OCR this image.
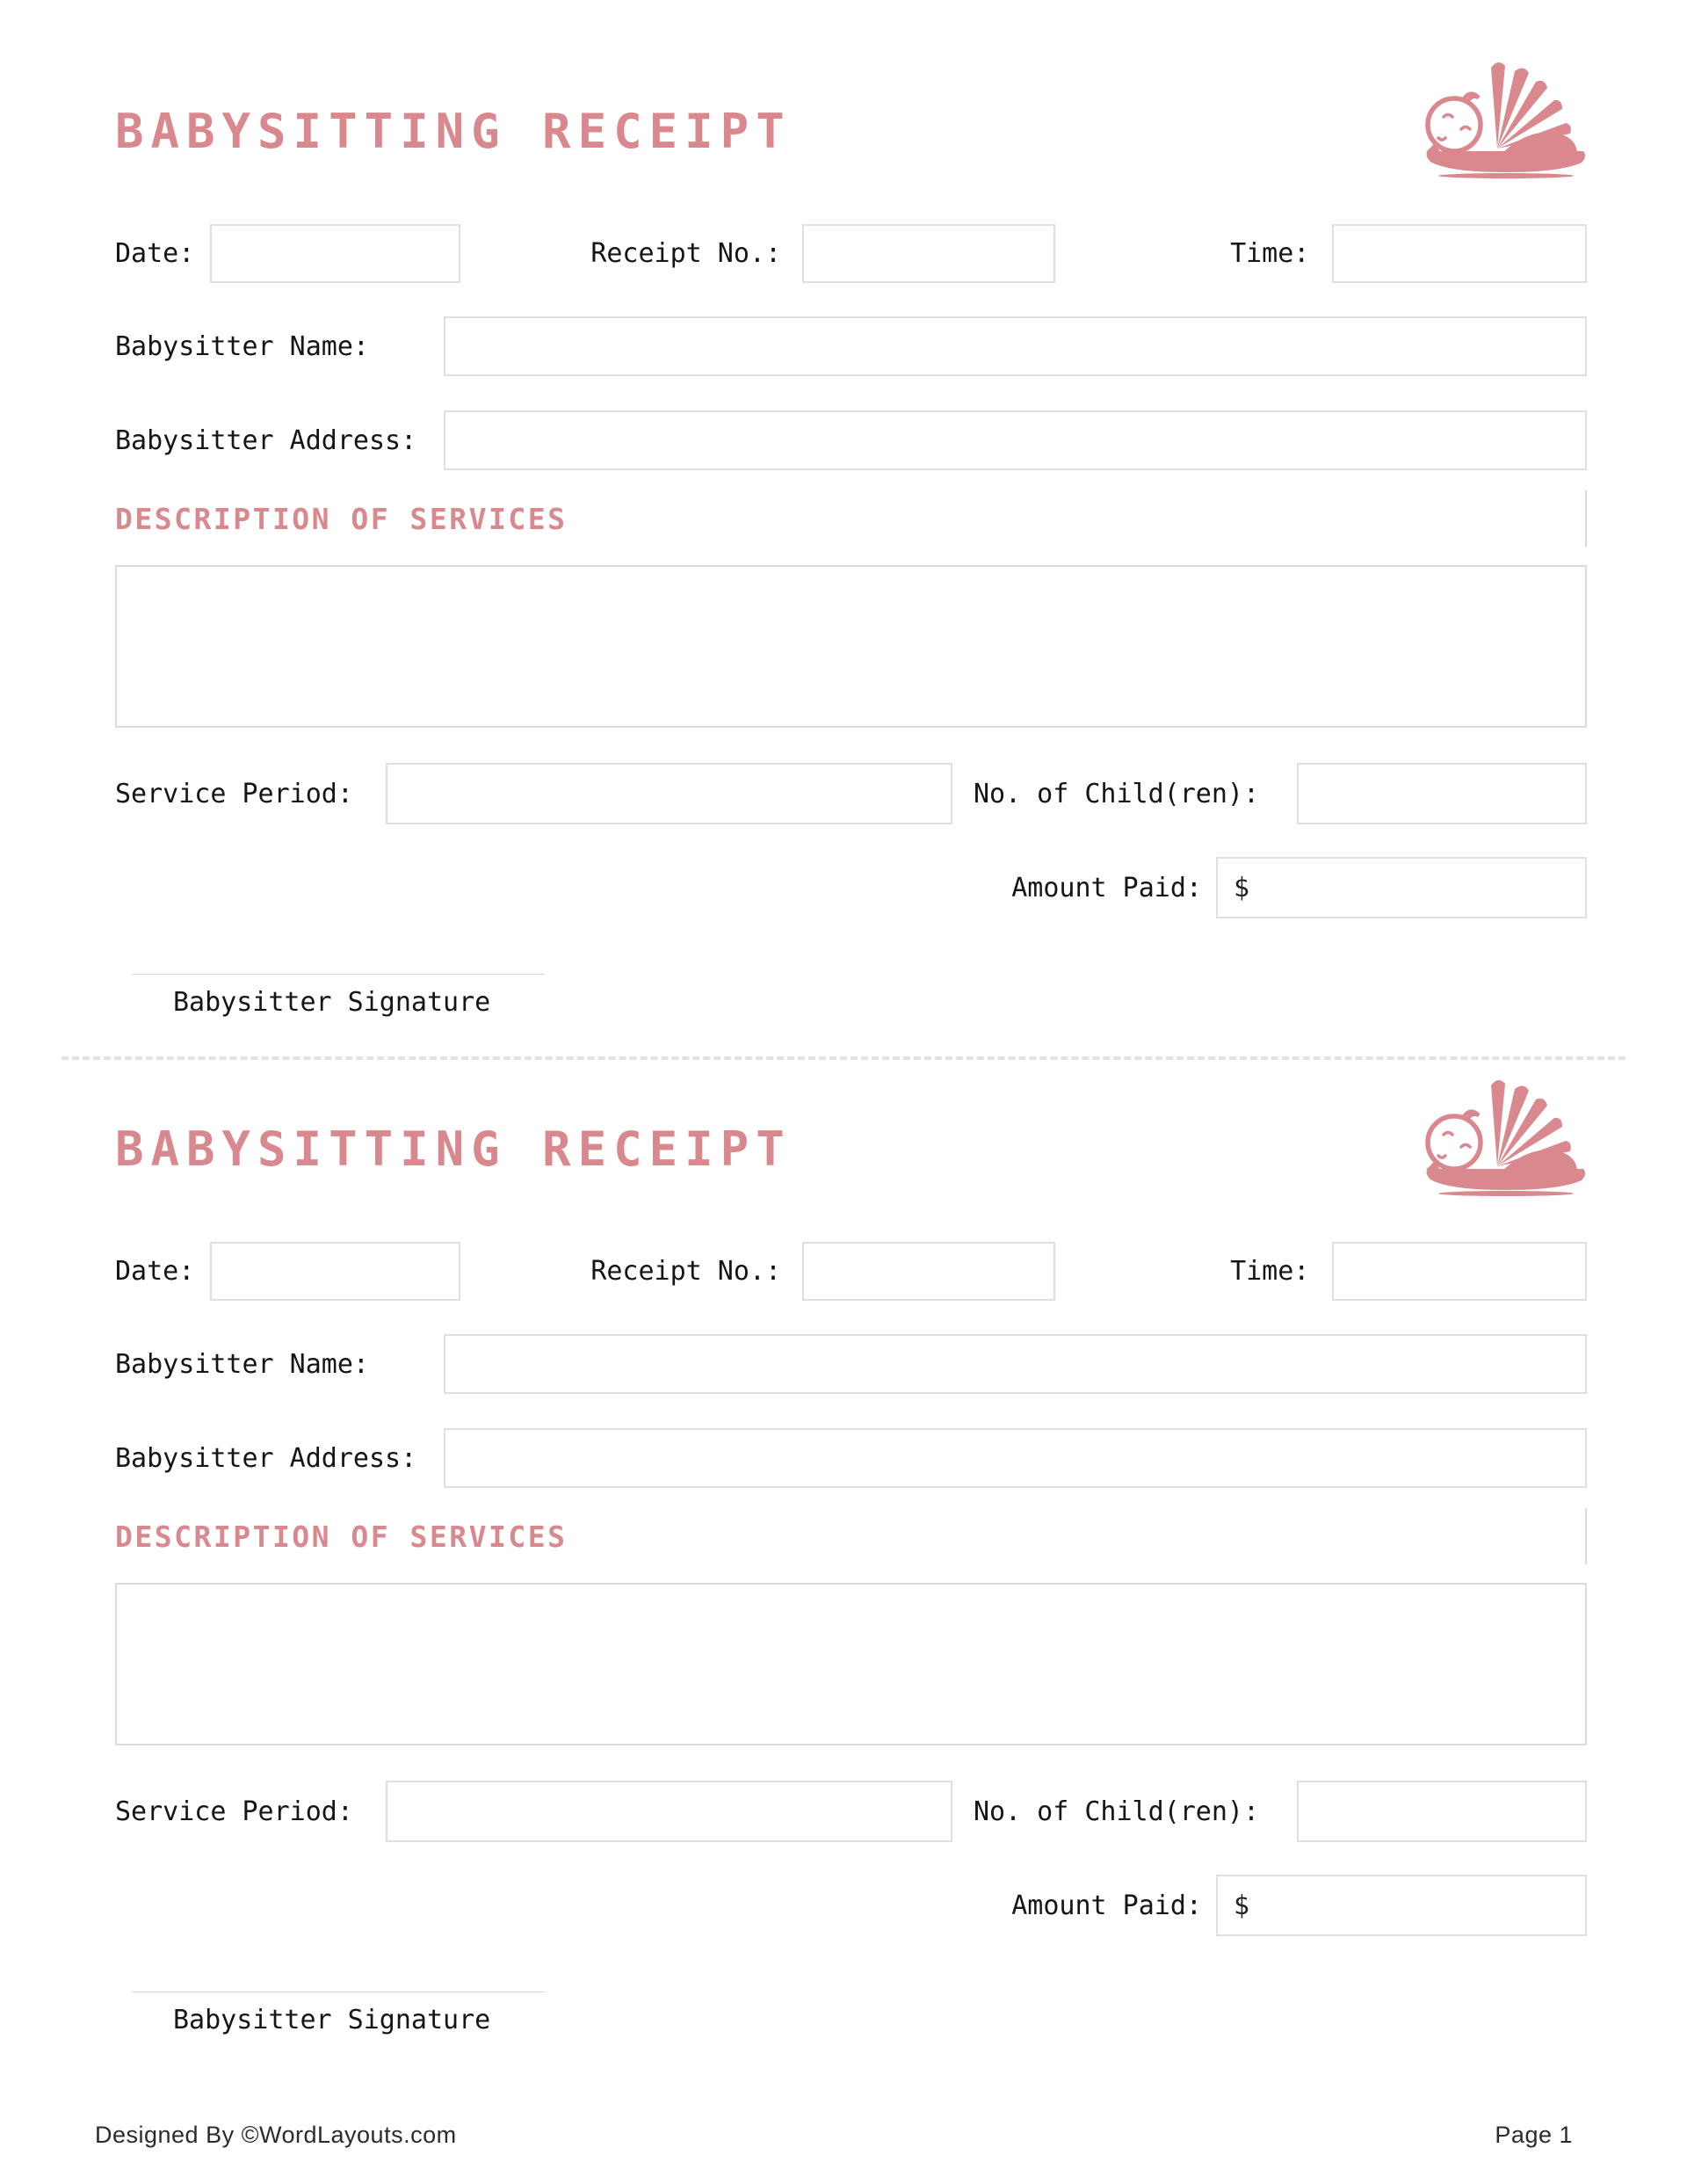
BABYSITTING RECEIPT
Date:	Receipt No.:	Time:
Babysitter Name:
Babysitter Address:
DESCRIPTION OF SERVICES
Service Period:	No. of Child(ren):
Amount Paid: $
Babysitter Signature
BABYSITTING RECEIPT
Date:	Receipt No.:	Time:
Babysitter Name:
Babysitter Address:
DESCRIPTION OF SERVICES
Service Period:	No. of Child(ren):
Amount Paid: $
Babysitter Signature
Designed By ©WordLayouts.com	Page 1
